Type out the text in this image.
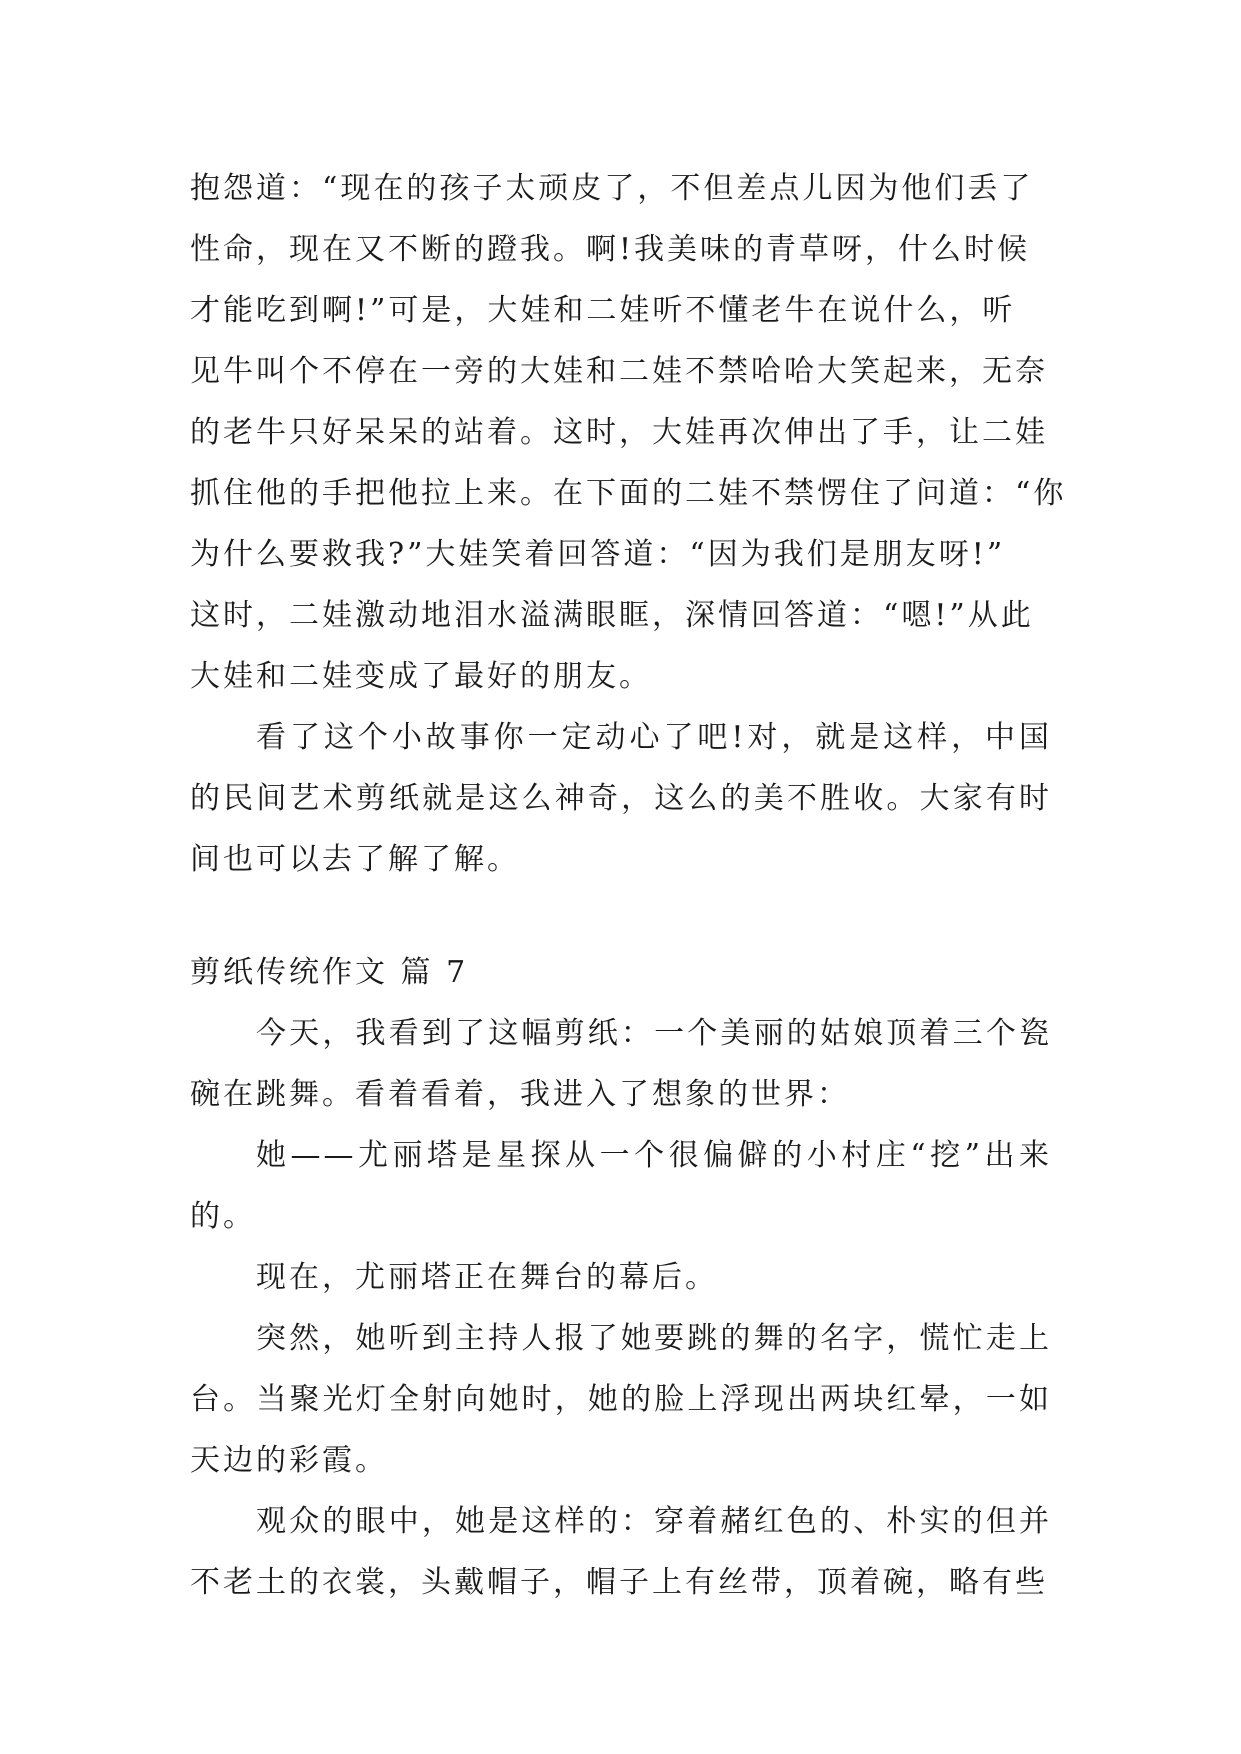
抱怨道：“现在的孩子太顽皮了，不但差点儿因为他们丢了

性命，现在又不断的蹬我。啊!我美味的青草呀，什么时候

才能吃到啊!”可是，大娃和二娃听不懂老牛在说什么，听

见牛叫个不停在一旁的大娃和二娃不禁哈哈大笑起来，无奈

的老牛只好呆呆的站着。这时，大娃再次伸出了手，让二娃

抓住他的手把他拉上来。在下面的二娃不禁愣住了问道：“你

为什么要救我?”大娃笑着回答道：“因为我们是朋友呀!”

这时，二娃激动地泪水溢满眼眶，深情回答道：“嗯!”从此

大娃和二娃变成了最好的朋友。

看了这个小故事你一定动心了吧!对，就是这样，中国的民间艺术剪纸就是这么神奇，这么的美不胜收。大家有时间也可以去了解了解。

剪纸传统作文 篇 7

今天，我看到了这幅剪纸：一个美丽的姑娘顶着三个瓷碗在跳舞。看着看着，我进入了想象的世界：

她——尤丽塔是星探从一个很偏僻的小村庄“挖”出来的。

现在，尤丽塔正在舞台的幕后。

突然，她听到主持人报了她要跳的舞的名字，慌忙走上台。当聚光灯全射向她时，她的脸上浮现出两块红晕，一如天边的彩霞。

观众的眼中，她是这样的：穿着赭红色的、朴实的但并不老土的衣裳，头戴帽子，帽子上有丝带，顶着碗，略有些
